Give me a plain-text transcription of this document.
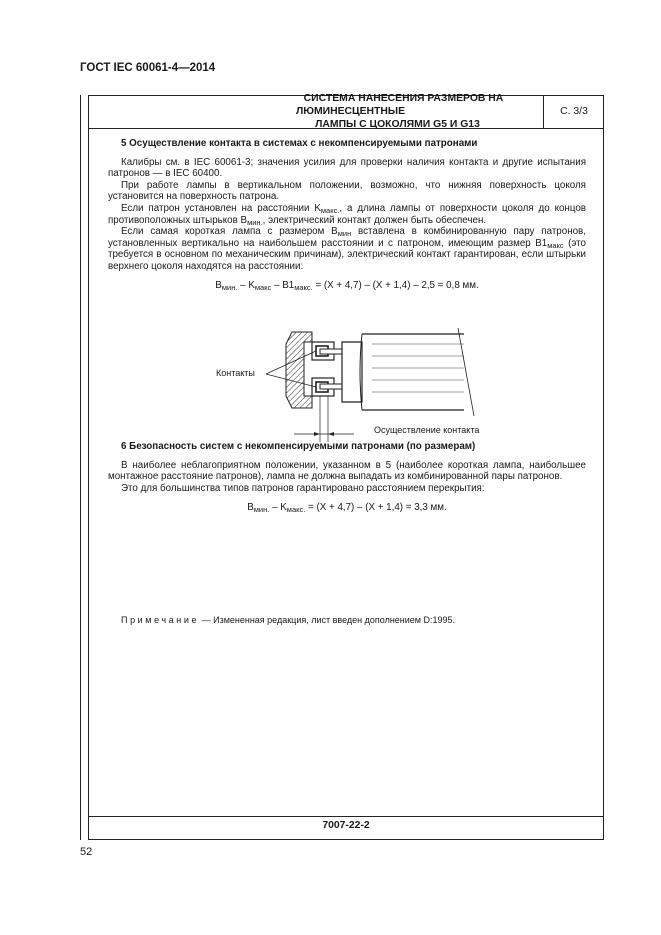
ГОСТ IEC 60061-4—2014
СИСТЕМА НАНЕСЕНИЯ РАЗМЕРОВ НА ЛЮМИНЕСЦЕНТНЫЕ
ЛАМПЫ С ЦОКОЛЯМИ G5 И G13
С. 3/3

5 Осуществление контакта в системах с некомпенсируемыми патронами

Калибры см. в IEC 60061-3; значения усилия для проверки наличия контакта и другие испытания патронов — в IEC 60400.

При работе лампы в вертикальном положении, возможно, что нижняя поверхность цоколя установится на поверхность патрона.

Если патрон установлен на расстоянии $K_{макс.}$, а длина лампы от поверхности цоколя до концов противоположных штырьков $B_{мин.}$, электрический контакт должен быть обеспечен.

Если самая короткая лампа с размером $B_{мин}$ вставлена в комбинированную пару патронов, установленных вертикально на наибольшем расстоянии и с патроном, имеющим размер $B1_{макс}$ (это требуется в основном по механическим причинам), электрический контакт гарантирован, если штырьки верхнего цоколя находятся на расстоянии:

$B_{мин.} - K_{макс} - B1_{макс.} = (X + 4,7) - (X + 1,4) - 2,5 = 0,8$ мм.

6 Безопасность систем с некомпенсируемыми патронами (по размерам)

В наиболее неблагоприятном положении, указанном в 5 (наиболее короткая лампа, наибольшее монтажное расстояние патронов), лампа не должна выпадать из комбинированной пары патронов.

Это для большинства типов патронов гарантировано расстоянием перекрытия:

$B_{мин.} - K_{макс.} = (X + 4,7) - (X + 1,4) = 3,3$ мм.

Контакты
Осуществление контакта
Примечание — Измененная редакция, лист введен дополнением D:1995.
7007-22-2
52
